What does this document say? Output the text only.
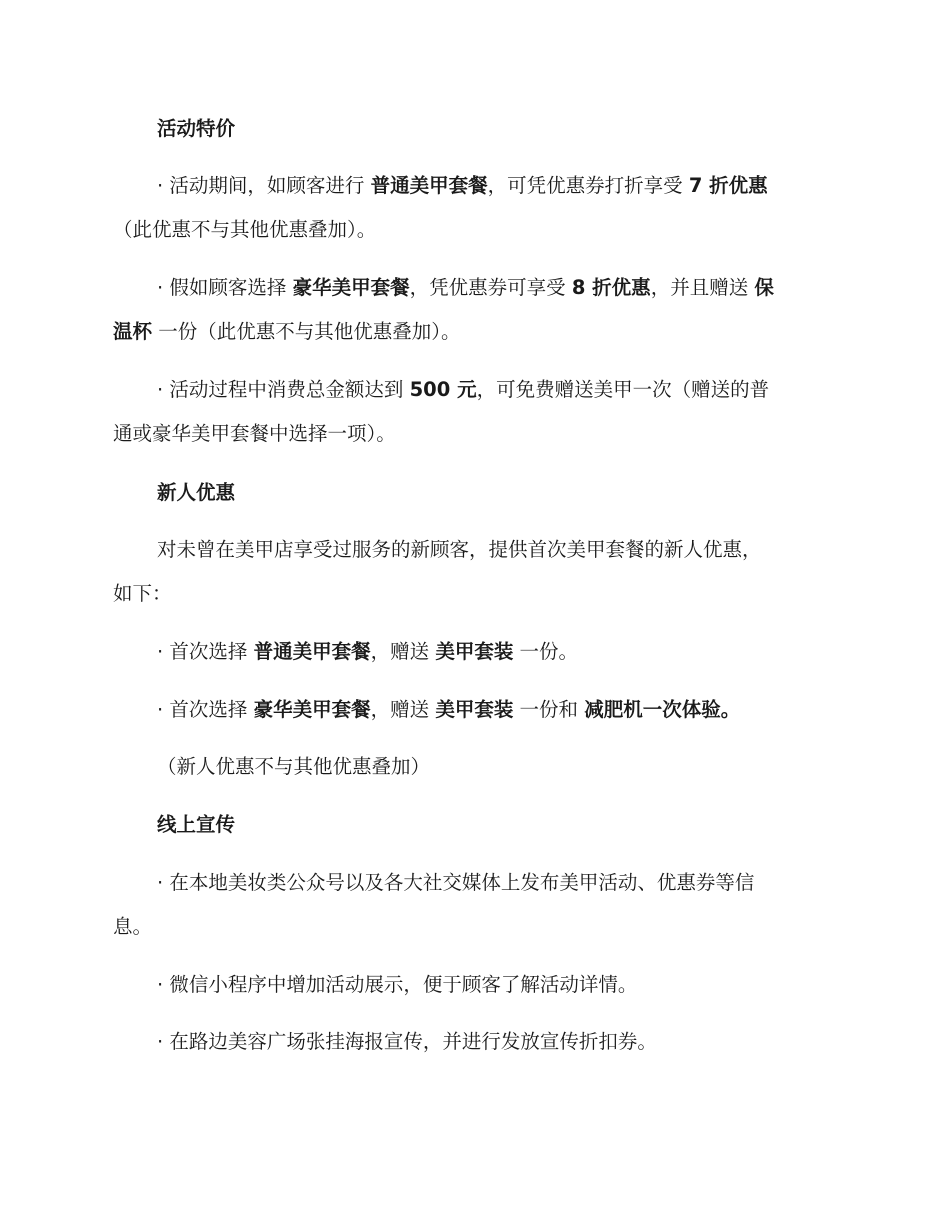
活动特价
· 活动期间，如顾客进行 普通美甲套餐，可凭优惠券打折享受 7 折优惠
（此优惠不与其他优惠叠加）。
· 假如顾客选择 豪华美甲套餐，凭优惠券可享受 8 折优惠，并且赠送 保
温杯 一份（此优惠不与其他优惠叠加）。
· 活动过程中消费总金额达到 500 元，可免费赠送美甲一次（赠送的普
通或豪华美甲套餐中选择一项）。
新人优惠
对未曾在美甲店享受过服务的新顾客，提供首次美甲套餐的新人优惠，
如下：
· 首次选择 普通美甲套餐，赠送 美甲套装 一份。
· 首次选择 豪华美甲套餐，赠送 美甲套装 一份和 减肥机一次体验。
（新人优惠不与其他优惠叠加）
线上宣传
· 在本地美妆类公众号以及各大社交媒体上发布美甲活动、优惠券等信
息。
· 微信小程序中增加活动展示，便于顾客了解活动详情。
· 在路边美容广场张挂海报宣传，并进行发放宣传折扣券。
